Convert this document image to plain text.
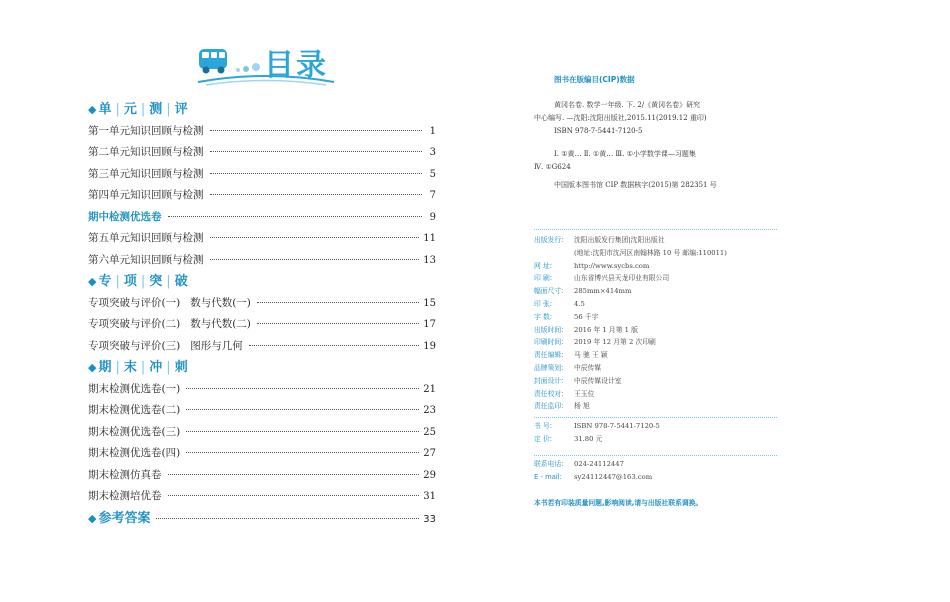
目录
◆ 单 | 元 | 测 | 评
第一单元知识回顾与检测	1
第二单元知识回顾与检测	3
第三单元知识回顾与检测	5
第四单元知识回顾与检测	7
期中检测优选卷	9
第五单元知识回顾与检测	11
第六单元知识回顾与检测	13
◆ 专 | 项 | 突 | 破
专项突破与评价(一) 数与代数(一)	15
专项突破与评价(二) 数与代数(二)	17
专项突破与评价(三) 图形与几何	19
◆ 期 | 末 | 冲 | 刺
期末检测优选卷(一)	21
期末检测优选卷(二)	23
期末检测优选卷(三)	25
期末检测优选卷(四)	27
期末检测仿真卷	29
期末检测培优卷	31
◆ 参考答案	33
图书在版编目(CIP)数据
黄冈名卷. 数学一年级. 下. 2/《黄冈名卷》研究
中心编写. —沈阳:沈阳出版社,2015.11(2019.12 重印)
ISBN 978-7-5441-7120-5
Ⅰ. ①黄… Ⅱ. ①黄… Ⅲ. ①小学数学课—习题集
Ⅳ. ①G624
中国版本图书馆 CIP 数据核字(2015)第 282351 号
出版发行:	沈阳出版发行集团|沈阳出版社
(地址:沈阳市沈河区南翰林路 10 号 邮编:110011)
网 址:	http://www.sycbs.com
印 刷:	山东省博兴县天龙印业有限公司
幅面尺寸:	285mm×414mm
印 张:	4.5
字 数:	56 千字
出版时间:	2016 年 1 月第 1 版
印刷时间:	2019 年 12 月第 2 次印刷
责任编辑:	马 驰 王 颖
品牌策划:	中辰传媒
封面设计:	中辰传媒设计室
责任校对:	王玉位
责任监印:	杨 旭
书 号:	ISBN 978-7-5441-7120-5
定 价:	31.80 元
联系电话:	024-24112447
E - mail:	sy24112447@163.com
本书若有印装质量问题,影响阅读,请与出版社联系调换。
